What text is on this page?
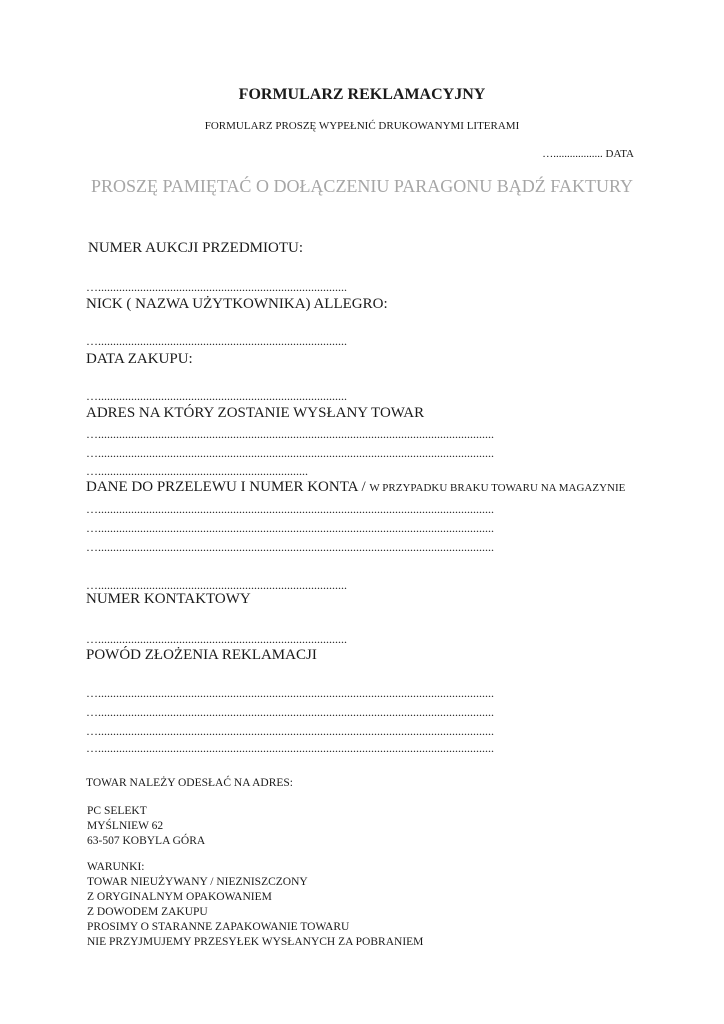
FORMULARZ REKLAMACYJNY

FORMULARZ PROSZĘ WYPEŁNIĆ DRUKOWANYMI LITERAMI

….................. DATA

PROSZĘ PAMIĘTAĆ O DOŁĄCZENIU PARAGONU BĄDŹ FAKTURY

NUMER AUKCJI PRZEDMIOTU:

…...................................................................................

NICK ( NAZWA UŻYTKOWNIKA) ALLEGRO:

…...................................................................................

DATA ZAKUPU:

…...................................................................................

ADRES NA KTÓRY ZOSTANIE WYSŁANY TOWAR

…....................................................................................................................................

…....................................................................................................................................

…......................................................................

DANE DO PRZELEWU I NUMER KONTA / W PRZYPADKU BRAKU TOWARU NA MAGAZYNIE

…....................................................................................................................................

…....................................................................................................................................

…....................................................................................................................................

…...................................................................................

NUMER KONTAKTOWY

…...................................................................................

POWÓD ZŁOŻENIA REKLAMACJI

…....................................................................................................................................

…....................................................................................................................................

…....................................................................................................................................

…....................................................................................................................................

TOWAR NALEŻY ODESŁAĆ NA ADRES:

PC SELEKT
MYŚLNIEW 62
63-507 KOBYLA GÓRA
WARUNKI:
TOWAR NIEUŻYWANY / NIEZNISZCZONY
Z ORYGINALNYM OPAKOWANIEM
Z DOWODEM ZAKUPU
PROSIMY O STARANNE ZAPAKOWANIE TOWARU
NIE PRZYJMUJEMY PRZESYŁEK WYSŁANYCH ZA POBRANIEM
